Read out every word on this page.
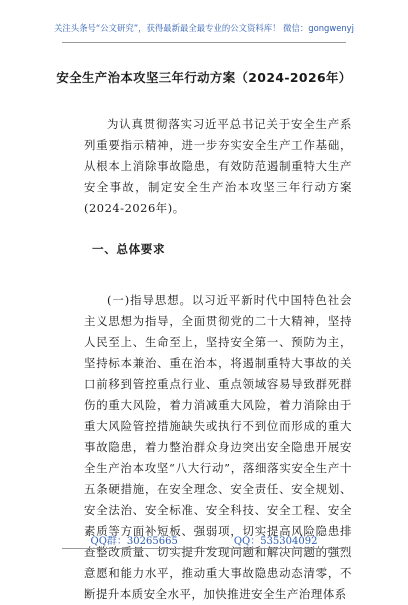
关注头条号“公文研究”，获得最新最全最专业的公文资料库！ 微信：gongwenyj
安全生产治本攻坚三年行动方案（2024-2026年）

为认真贯彻落实习近平总书记关于安全生产系列重要指示精神，进一步夯实安全生产工作基础，从根本上消除事故隐患，有效防范遏制重特大生产安全事故，制定安全生产治本攻坚三年行动方案(2024-2026年)。

一、总体要求

(一)指导思想。以习近平新时代中国特色社会主义思想为指导，全面贯彻党的二十大精神，坚持人民至上、生命至上，坚持安全第一、预防为主，坚持标本兼治、重在治本，将遏制重特大事故的关口前移到管控重点行业、重点领域容易导致群死群伤的重大风险，着力消减重大风险，着力消除由于重大风险管控措施缺失或执行不到位而形成的重大事故隐患，着力整治群众身边突出安全隐患开展安全生产治本攻坚“八大行动”，落细落实安全生产十五条硬措施，在安全理念、安全责任、安全规划、安全法治、安全标准、安全科技、安全工程、安全素质等方面补短板、强弱项，切实提高风险隐患排查整改质量、切实提升发现问题和解决问题的强烈意愿和能力水平，推动重大事故隐患动态清零，不断提升本质安全水平，加快推进安全生产治理体系

QQ群：30265665	QQ：535304092
